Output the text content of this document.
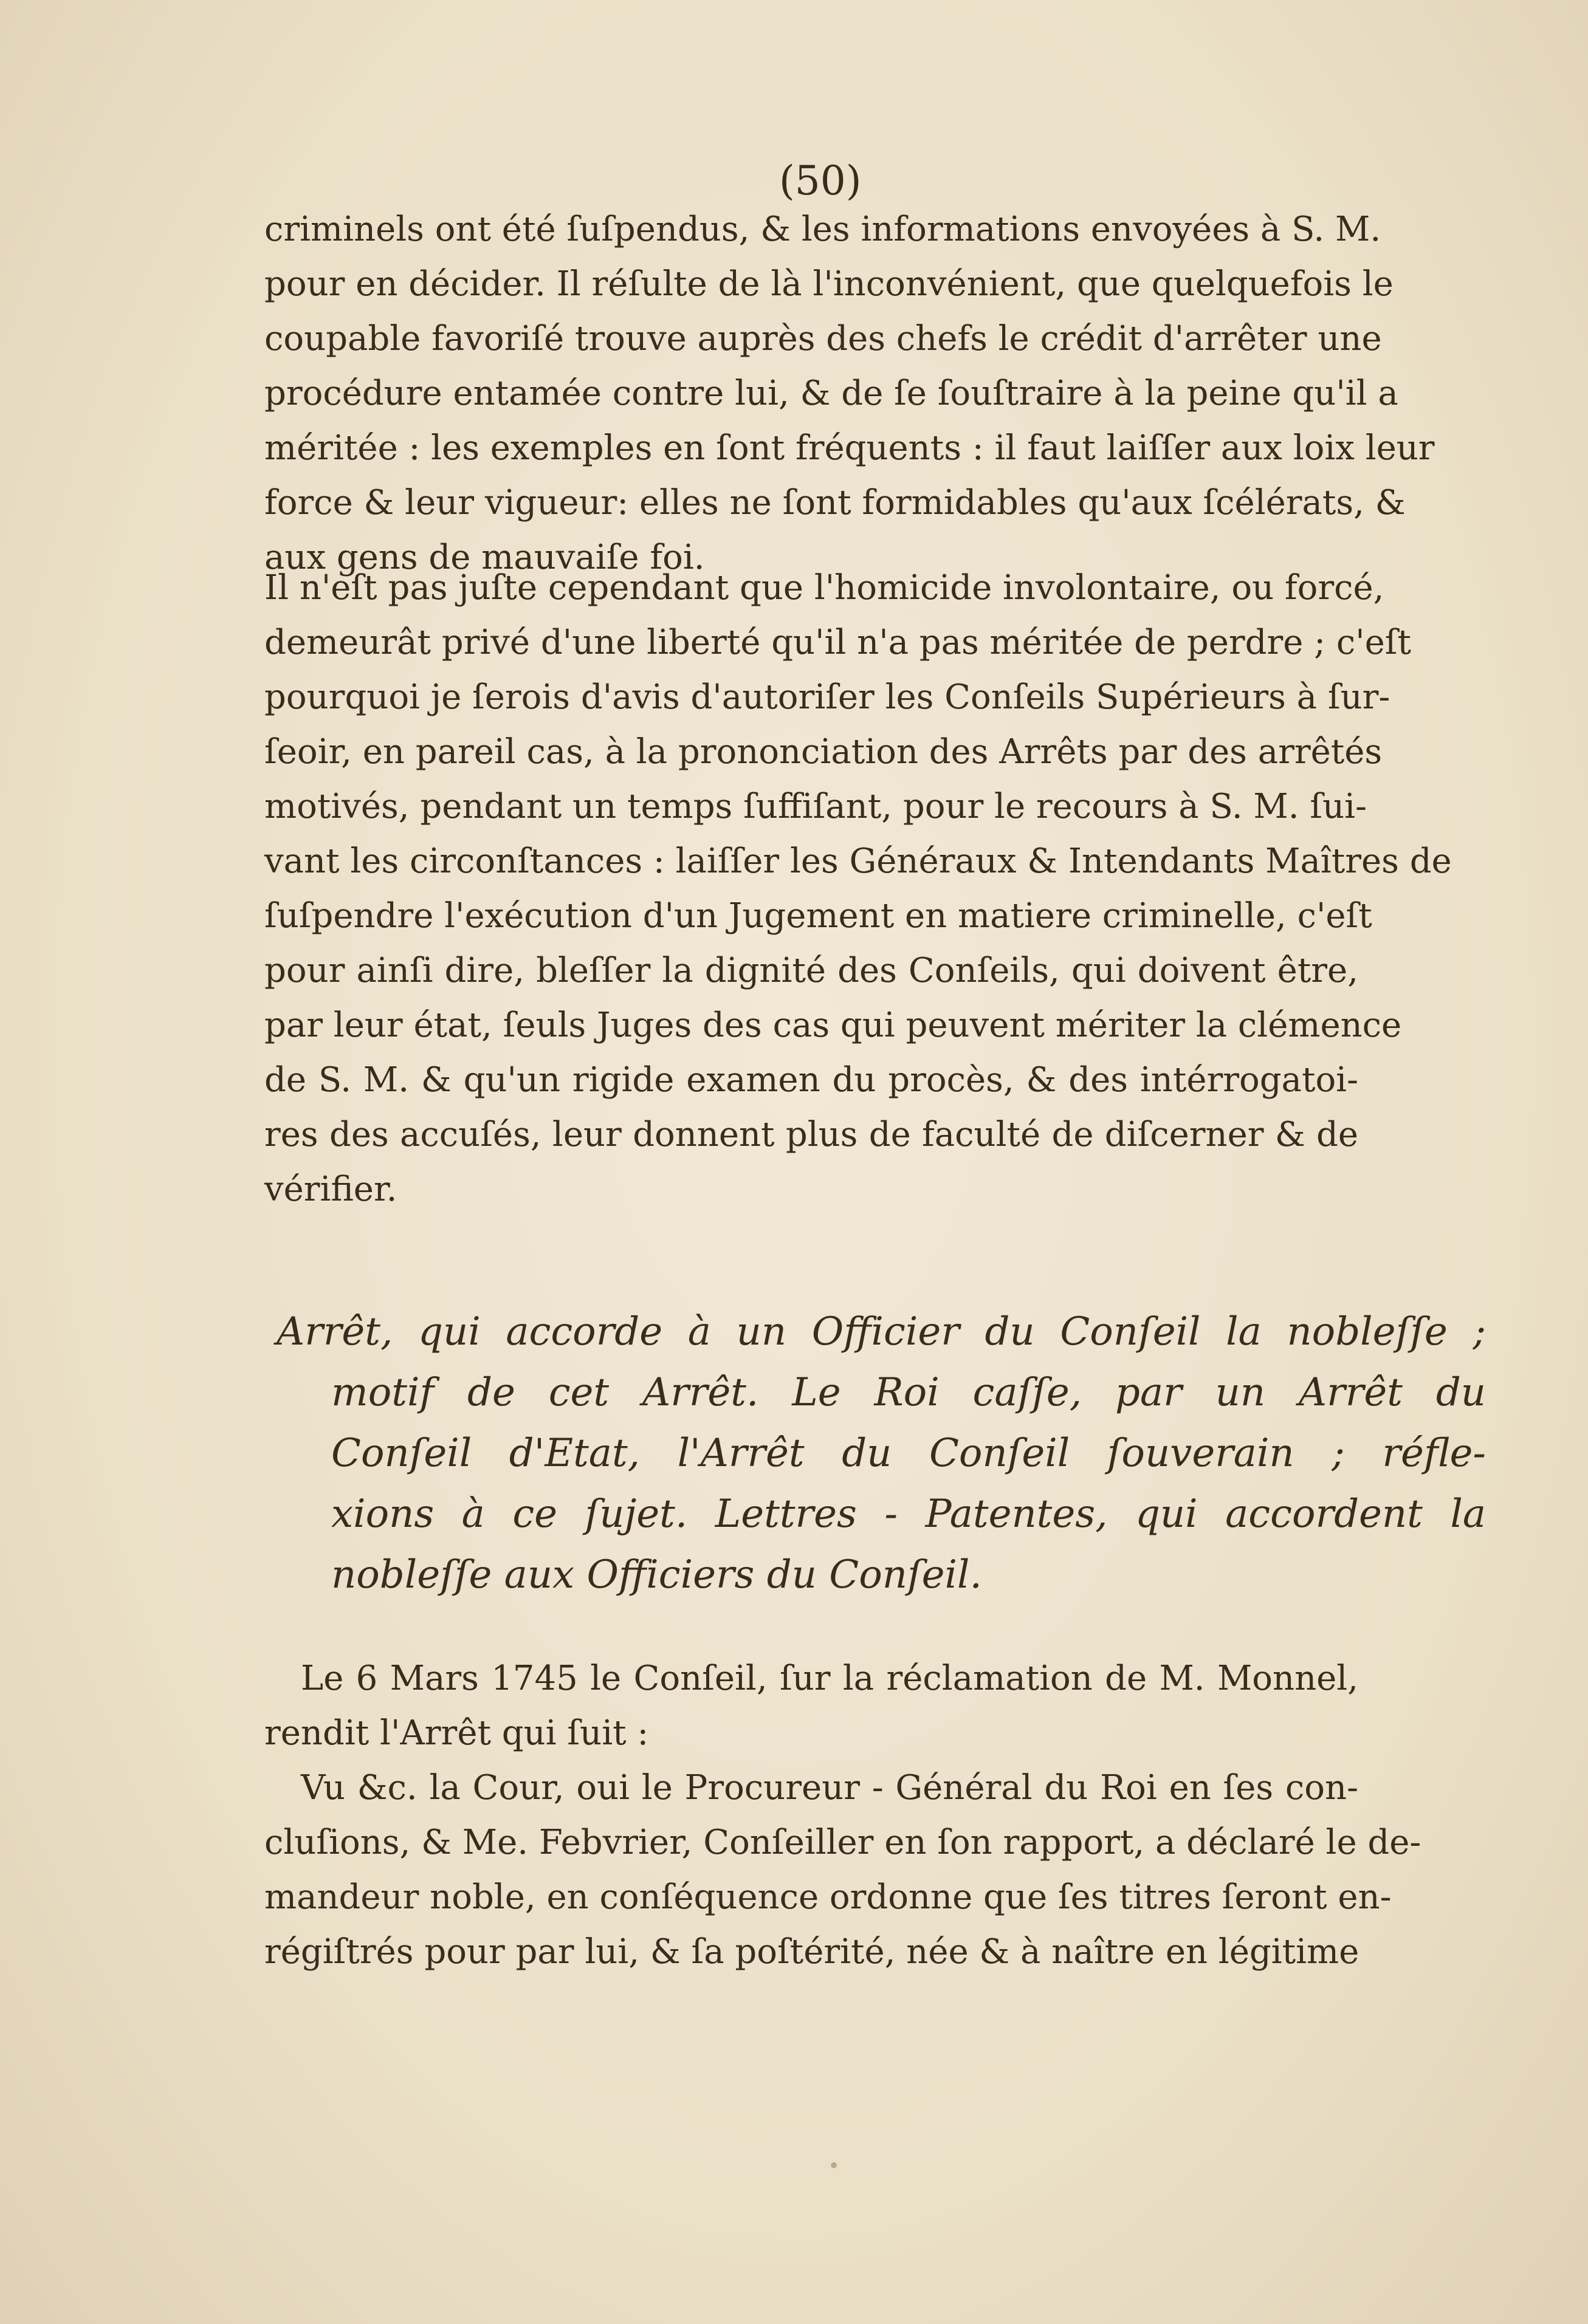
(50)

criminels ont été ſuſpendus, & les informations envoyées à S. M.

pour en décider. Il réſulte de là l'inconvénient, que quelquefois le

coupable favoriſé trouve auprès des chefs le crédit d'arrêter une

procédure entamée contre lui, & de ſe ſouſtraire à la peine qu'il a

méritée : les exemples en ſont fréquents : il faut laiſſer aux loix leur

force & leur vigueur: elles ne ſont formidables qu'aux ſcélérats, &

aux gens de mauvaiſe foi.

Il n'eſt pas juſte cependant que l'homicide involontaire, ou forcé,

demeurât privé d'une liberté qu'il n'a pas méritée de perdre ; c'eſt

pourquoi je ſerois d'avis d'autoriſer les Conſeils Supérieurs à ſur-

ſeoir, en pareil cas, à la prononciation des Arrêts par des arrêtés

motivés, pendant un temps ſuffiſant, pour le recours à S. M. ſui-

vant les circonſtances : laiſſer les Généraux & Intendants Maîtres de

ſuſpendre l'exécution d'un Jugement en matiere criminelle, c'eſt

pour ainſi dire, bleſſer la dignité des Conſeils, qui doivent être,

par leur état, ſeuls Juges des cas qui peuvent mériter la clémence

de S. M. & qu'un rigide examen du procès, & des intérrogatoi-

res des accuſés, leur donnent plus de faculté de diſcerner & de

vérifier.

Arrêt, qui accorde à un Officier du Conſeil la nobleſſe ;

motif de cet Arrêt. Le Roi caſſe, par un Arrêt du

Conſeil d'Etat, l'Arrêt du Conſeil ſouverain ; réfle-

xions à ce ſujet. Lettres - Patentes, qui accordent la

nobleſſe aux Officiers du Conſeil.

Le 6 Mars 1745 le Conſeil, ſur la réclamation de M. Monnel,

rendit l'Arrêt qui ſuit :

Vu &c. la Cour, oui le Procureur - Général du Roi en ſes con-

cluſions, & Me. Febvrier, Conſeiller en ſon rapport, a déclaré le de-

mandeur noble, en conſéquence ordonne que ſes titres ſeront en-

régiſtrés pour par lui, & ſa poſtérité, née & à naître en légitime

•
